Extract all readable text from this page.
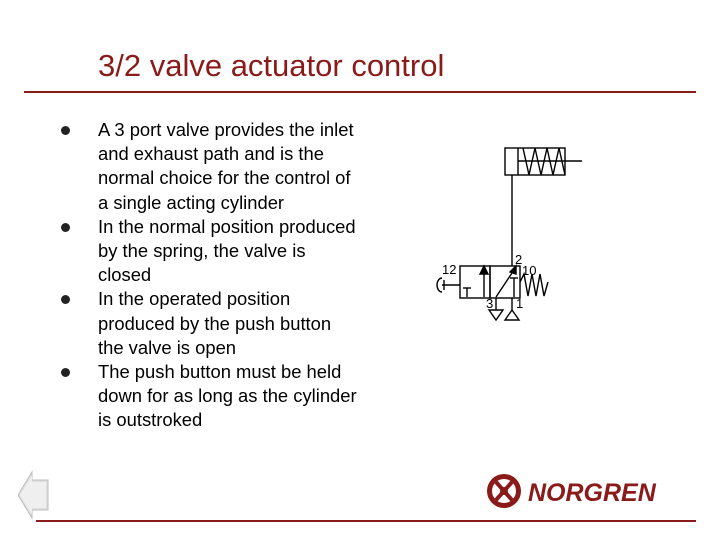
3/2 valve actuator control
A 3 port valve provides the inlet and exhaust path and is the normal choice for the control of a single acting cylinder
In the normal position produced by the spring, the valve is closed
In the operated position produced by the push button the valve is open
The push button must be held down for as long as the cylinder is outstroked
12
2
10
3 1
NORGREN
